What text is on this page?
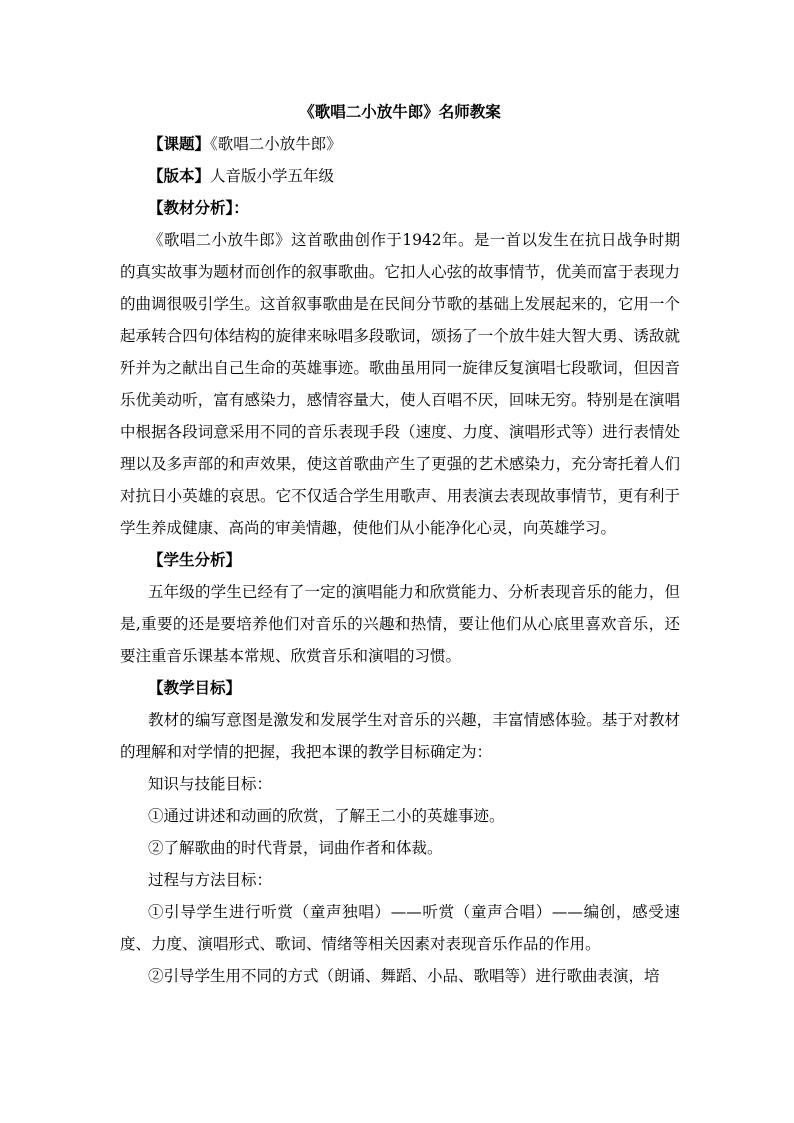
《歌唱二小放牛郎》名师教案

【课题】《歌唱二小放牛郎》

【版本】人音版小学五年级

【教材分析】：

《歌唱二小放牛郎》这首歌曲创作于1942年。是一首以发生在抗日战争时期的真实故事为题材而创作的叙事歌曲。它扣人心弦的故事情节，优美而富于表现力的曲调很吸引学生。这首叙事歌曲是在民间分节歌的基础上发展起来的，它用一个起承转合四句体结构的旋律来咏唱多段歌词，颂扬了一个放牛娃大智大勇、诱敌就歼并为之献出自己生命的英雄事迹。歌曲虽用同一旋律反复演唱七段歌词，但因音乐优美动听，富有感染力，感情容量大，使人百唱不厌，回味无穷。特别是在演唱中根据各段词意采用不同的音乐表现手段（速度、力度、演唱形式等）进行表情处理以及多声部的和声效果，使这首歌曲产生了更强的艺术感染力，充分寄托着人们对抗日小英雄的哀思。它不仅适合学生用歌声、用表演去表现故事情节，更有利于学生养成健康、高尚的审美情趣，使他们从小能净化心灵，向英雄学习。

【学生分析】

五年级的学生已经有了一定的演唱能力和欣赏能力、分析表现音乐的能力，但是,重要的还是要培养他们对音乐的兴趣和热情，要让他们从心底里喜欢音乐，还要注重音乐课基本常规、欣赏音乐和演唱的习惯。

【教学目标】

教材的编写意图是激发和发展学生对音乐的兴趣，丰富情感体验。基于对教材的理解和对学情的把握，我把本课的教学目标确定为：

知识与技能目标：

①通过讲述和动画的欣赏，了解王二小的英雄事迹。

②了解歌曲的时代背景，词曲作者和体裁。

过程与方法目标：

①引导学生进行听赏（童声独唱）——听赏（童声合唱）——编创，感受速度、力度、演唱形式、歌词、情绪等相关因素对表现音乐作品的作用。

②引导学生用不同的方式（朗诵、舞蹈、小品、歌唱等）进行歌曲表演，培
